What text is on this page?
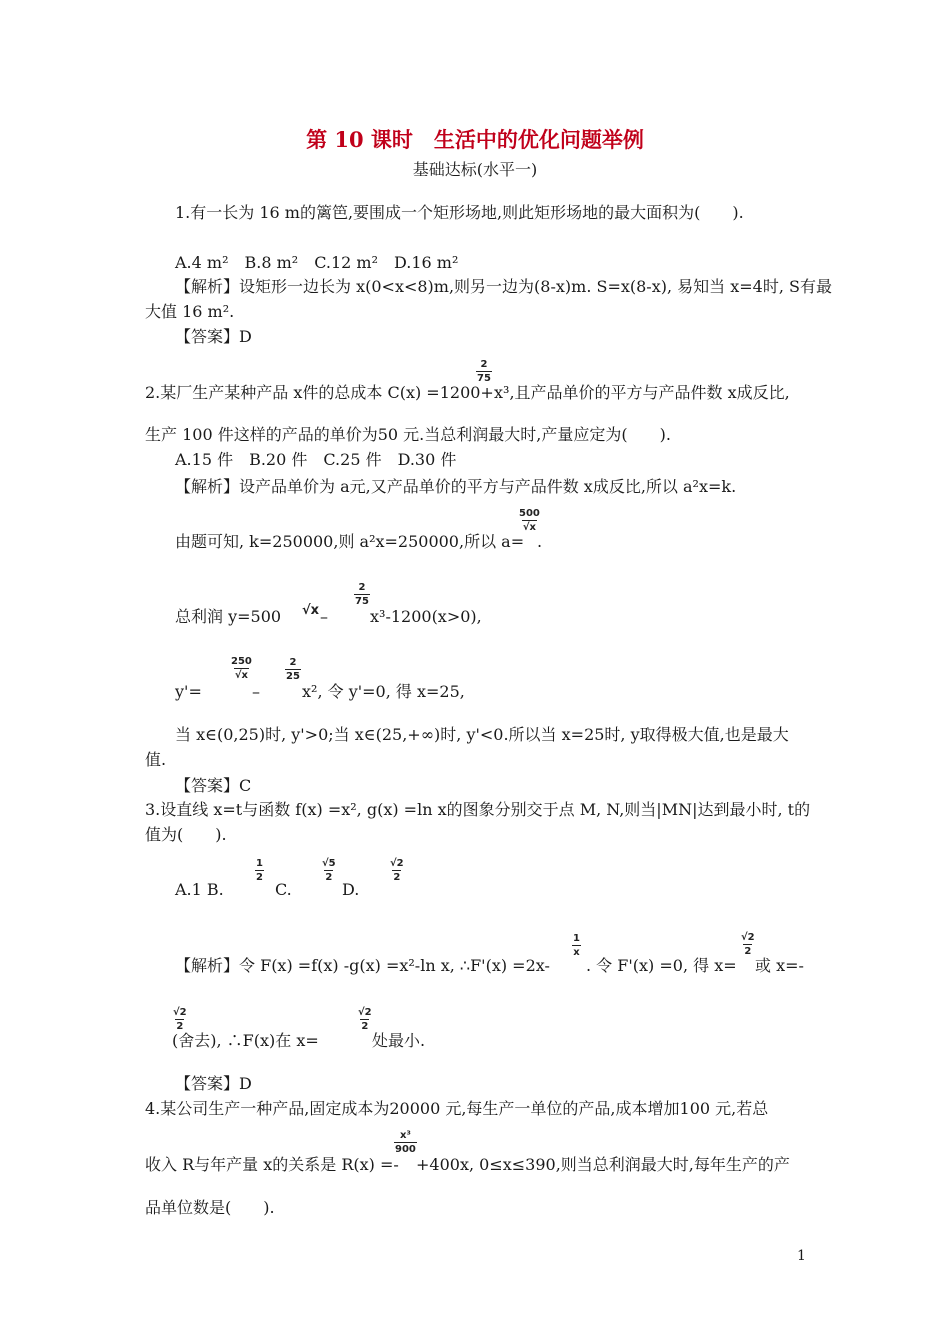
第 10 课时　生活中的优化问题举例
基础达标(水平一)
1.有一长为 16 m的篱笆,要围成一个矩形场地,则此矩形场地的最大面积为(　　).
A.4 m²　B.8 m²　C.12 m²　D.16 m²
【解析】设矩形一边长为 x(0<x<8)m,则另一边为(8-x)m. S=x(8-x), 易知当 x=4时, S有最
大值 16 m².
【答案】D
2.某厂生产某种产品 x件的总成本 C(x) =1200+
$\frac{2}{75}$
x³,且产品单价的平方与产品件数 x成反比,
生产 100 件这样的产品的单价为50 元.当总利润最大时,产量应定为(　　).
A.15 件　B.20 件　C.25 件　D.30 件
【解析】设产品单价为 a元,又产品单价的平方与产品件数 x成反比,所以 a²x=k.
由题可知, k=250000,则 a²x=250000,所以 a=
$\frac{500}{√x}$
.
总利润 y=500 √x –
$\frac{2}{75}$
x³-1200(x>0),
y'=
$\frac{250}{√x}$
–
$\frac{2}{25}$
x², 令 y'=0, 得 x=25,
当 x∈(0,25)时, y'>0;当 x∈(25,+∞)时, y'<0.所以当 x=25时, y取得极大值,也是最大
值.
【答案】C
3.设直线 x=t与函数 f(x) =x², g(x) =ln x的图象分别交于点 M, N,则当|MN|达到最小时, t的
值为(　　).
A.1 B.
$\frac{1}{2}$
C.
$\frac{√5}{2}$
D.
$\frac{√2}{2}$
【解析】令 F(x) =f(x) -g(x) =x²-ln x, ∴F'(x) =2x-
$\frac{1}{x}$
. 令 F'(x) =0, 得 x=
$\frac{√2}{2}$
或 x=-
$\frac{√2}{2}$
(舍去), ∴F(x)在 x=
$\frac{√2}{2}$
处最小.
【答案】D
4.某公司生产一种产品,固定成本为20000 元,每生产一单位的产品,成本增加100 元,若总
收入 R与年产量 x的关系是 R(x) =-
$\frac{\text{x³}}{900}$
+400x, 0≤x≤390,则当总利润最大时,每年生产的产
品单位数是(　　).
1
